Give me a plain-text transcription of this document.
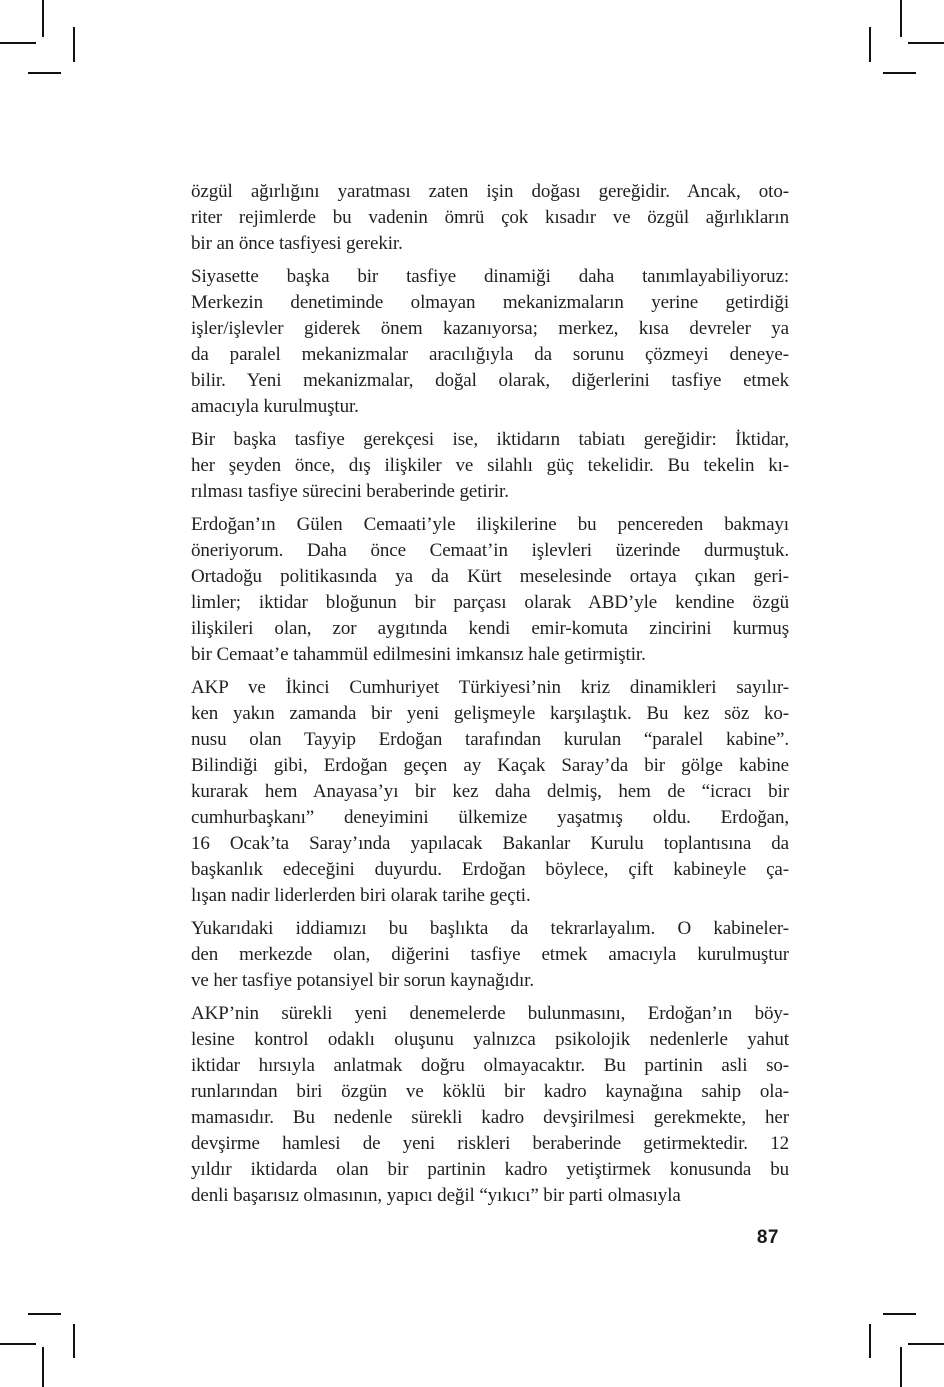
özgül ağırlığını yaratması zaten işin doğası gereğidir. Ancak, oto-
riter rejimlerde bu vadenin ömrü çok kısadır ve özgül ağırlıkların
bir an önce tasfiyesi gerekir.
Siyasette başka bir tasfiye dinamiği daha tanımlayabiliyoruz:
Merkezin denetiminde olmayan mekanizmaların yerine getirdiği
işler/işlevler giderek önem kazanıyorsa; merkez, kısa devreler ya
da paralel mekanizmalar aracılığıyla da sorunu çözmeyi deneye-
bilir. Yeni mekanizmalar, doğal olarak, diğerlerini tasfiye etmek
amacıyla kurulmuştur.
Bir başka tasfiye gerekçesi ise, iktidarın tabiatı gereğidir: İktidar,
her şeyden önce, dış ilişkiler ve silahlı güç tekelidir. Bu tekelin kı-
rılması tasfiye sürecini beraberinde getirir.
Erdoğan’ın Gülen Cemaati’yle ilişkilerine bu pencereden bakmayı
öneriyorum. Daha önce Cemaat’in işlevleri üzerinde durmuştuk.
Ortadoğu politikasında ya da Kürt meselesinde ortaya çıkan geri-
limler; iktidar bloğunun bir parçası olarak ABD’yle kendine özgü
ilişkileri olan, zor aygıtında kendi emir-komuta zincirini kurmuş
bir Cemaat’e tahammül edilmesini imkansız hale getirmiştir.
AKP ve İkinci Cumhuriyet Türkiyesi’nin kriz dinamikleri sayılır-
ken yakın zamanda bir yeni gelişmeyle karşılaştık. Bu kez söz ko-
nusu olan Tayyip Erdoğan tarafından kurulan “paralel kabine”.
Bilindiği gibi, Erdoğan geçen ay Kaçak Saray’da bir gölge kabine
kurarak hem Anayasa’yı bir kez daha delmiş, hem de “icracı bir
cumhurbaşkanı” deneyimini ülkemize yaşatmış oldu. Erdoğan,
16 Ocak’ta Saray’ında yapılacak Bakanlar Kurulu toplantısına da
başkanlık edeceğini duyurdu. Erdoğan böylece, çift kabineyle ça-
lışan nadir liderlerden biri olarak tarihe geçti.
Yukarıdaki iddiamızı bu başlıkta da tekrarlayalım. O kabineler-
den merkezde olan, diğerini tasfiye etmek amacıyla kurulmuştur
ve her tasfiye potansiyel bir sorun kaynağıdır.
AKP’nin sürekli yeni denemelerde bulunmasını, Erdoğan’ın böy-
lesine kontrol odaklı oluşunu yalnızca psikolojik nedenlerle yahut
iktidar hırsıyla anlatmak doğru olmayacaktır. Bu partinin asli so-
runlarından biri özgün ve köklü bir kadro kaynağına sahip ola-
mamasıdır. Bu nedenle sürekli kadro devşirilmesi gerekmekte, her
devşirme hamlesi de yeni riskleri beraberinde getirmektedir. 12
yıldır iktidarda olan bir partinin kadro yetiştirmek konusunda bu
denli başarısız olmasının, yapıcı değil “yıkıcı” bir parti olmasıyla
87
